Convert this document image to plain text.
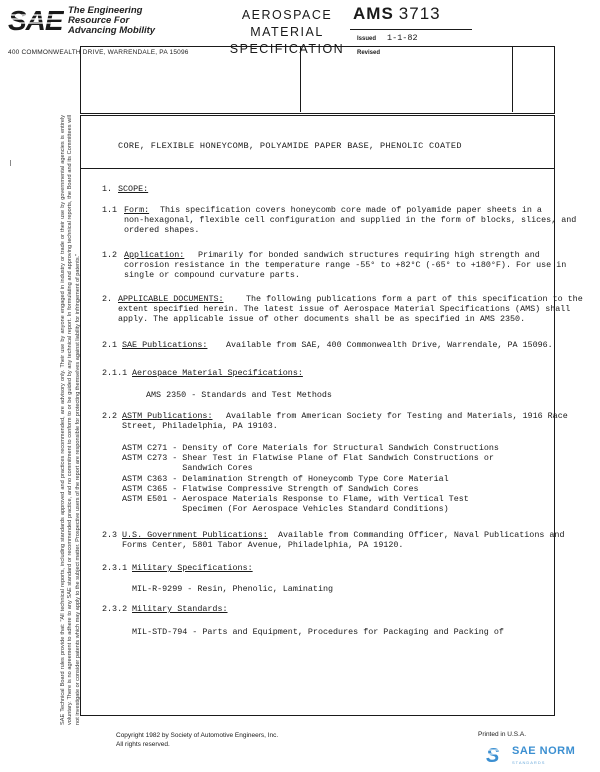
SAE The Engineering
Resource For
Advancing Mobility
400 COMMONWEALTH DRIVE, WARRENDALE, PA 15096
AEROSPACE
MATERIAL
SPECIFICATION
AMS 3713
Issued 1-1-82
Revised
SAE Technical Board rules provide that: "All technical reports, including standards approved and practices recommended, are advisory only. Their use by anyone engaged in industry or trade or their use by governmental agencies is entirely voluntary. There is no agreement to adhere to any SAE standard or recommended practice, and no commitment to conform to or be guided by any technical report. In formulating and approving technical reports, the Board and its Committees will not investigate or consider patents which may apply to the subject matter. Prospective users of the report are responsible for protecting themselves against liability for infringement of patents."
CORE, FLEXIBLE HONEYCOMB, POLYAMIDE PAPER BASE, PHENOLIC COATED
1. SCOPE:
1.1 Form: This specification covers honeycomb core made of polyamide paper sheets in a
non-hexagonal, flexible cell configuration and supplied in the form of blocks, slices, and
ordered shapes.
1.2 Application: Primarily for bonded sandwich structures requiring high strength and
corrosion resistance in the temperature range -55° to +82°C (-65° to +180°F). For use in
single or compound curvature parts.
2. APPLICABLE DOCUMENTS:	The following publications form a part of this specification to the
extent specified herein. The latest issue of Aerospace Material Specifications (AMS) shall
apply. The applicable issue of other documents shall be as specified in AMS 2350.
2.1 SAE Publications: Available from SAE, 400 Commonwealth Drive, Warrendale, PA 15096.
2.1.1 Aerospace Material Specifications:
AMS 2350 - Standards and Test Methods
2.2 ASTM Publications: Available from American Society for Testing and Materials, 1916 Race
Street, Philadelphia, PA 19103.
ASTM C271 - Density of Core Materials for Structural Sandwich Constructions
ASTM C273 - Shear Test in Flatwise Plane of Flat Sandwich Constructions or
Sandwich Cores
ASTM C363 - Delamination Strength of Honeycomb Type Core Material
ASTM C365 - Flatwise Compressive Strength of Sandwich Cores
ASTM E501 - Aerospace Materials Response to Flame, with Vertical Test
Specimen (For Aerospace Vehicles Standard Conditions)
2.3 U.S. Government Publications: Available from Commanding Officer, Naval Publications and
Forms Center, 5801 Tabor Avenue, Philadelphia, PA 19120.
2.3.1 Military Specifications:
MIL-R-9299 - Resin, Phenolic, Laminating
2.3.2 Military Standards:
MIL-STD-794 - Parts and Equipment, Procedures for Packaging and Packing of
Copyright 1982 by Society of Automotive Engineers, Inc.
All rights reserved.
Printed in U.S.A.
S SAE NORM
STANDARDS
